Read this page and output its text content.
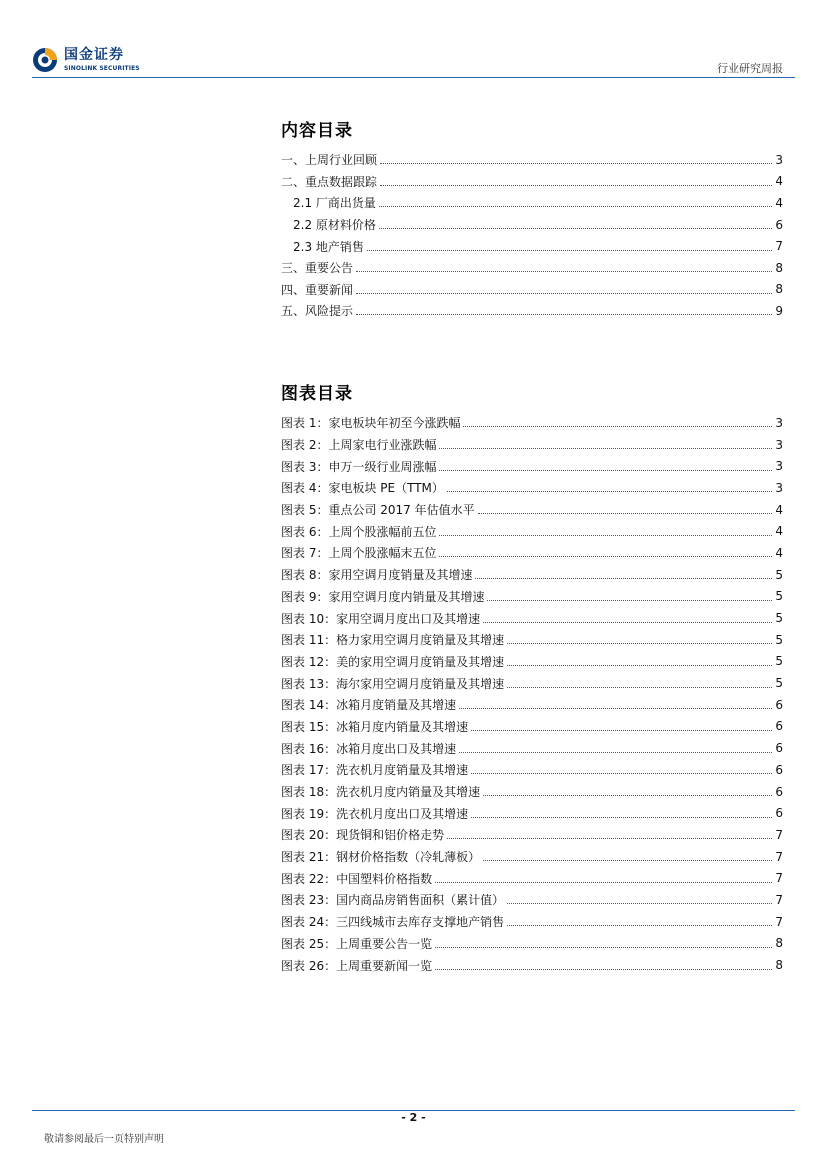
国金证券
SINOLINK SECURITIES	行业研究周报
内容目录
一、上周行业回顾	3
二、重点数据跟踪	4
2.1 厂商出货量	4
2.2 原材料价格	6
2.3 地产销售	7
三、重要公告	8
四、重要新闻	8
五、风险提示	9
图表目录
图表 1：家电板块年初至今涨跌幅	3
图表 2：上周家电行业涨跌幅	3
图表 3：申万一级行业周涨幅	3
图表 4：家电板块 PE（TTM）	3
图表 5：重点公司 2017 年估值水平	4
图表 6：上周个股涨幅前五位	4
图表 7：上周个股涨幅末五位	4
图表 8：家用空调月度销量及其增速	5
图表 9：家用空调月度内销量及其增速	5
图表 10：家用空调月度出口及其增速	5
图表 11：格力家用空调月度销量及其增速	5
图表 12：美的家用空调月度销量及其增速	5
图表 13：海尔家用空调月度销量及其增速	5
图表 14：冰箱月度销量及其增速	6
图表 15：冰箱月度内销量及其增速	6
图表 16：冰箱月度出口及其增速	6
图表 17：洗衣机月度销量及其增速	6
图表 18：洗衣机月度内销量及其增速	6
图表 19：洗衣机月度出口及其增速	6
图表 20：现货铜和铝价格走势	7
图表 21：钢材价格指数（冷轧薄板）	7
图表 22：中国塑料价格指数	7
图表 23：国内商品房销售面积（累计值）	7
图表 24：三四线城市去库存支撑地产销售	7
图表 25：上周重要公告一览	8
图表 26：上周重要新闻一览	8
- 2 -
敬请参阅最后一页特别声明
